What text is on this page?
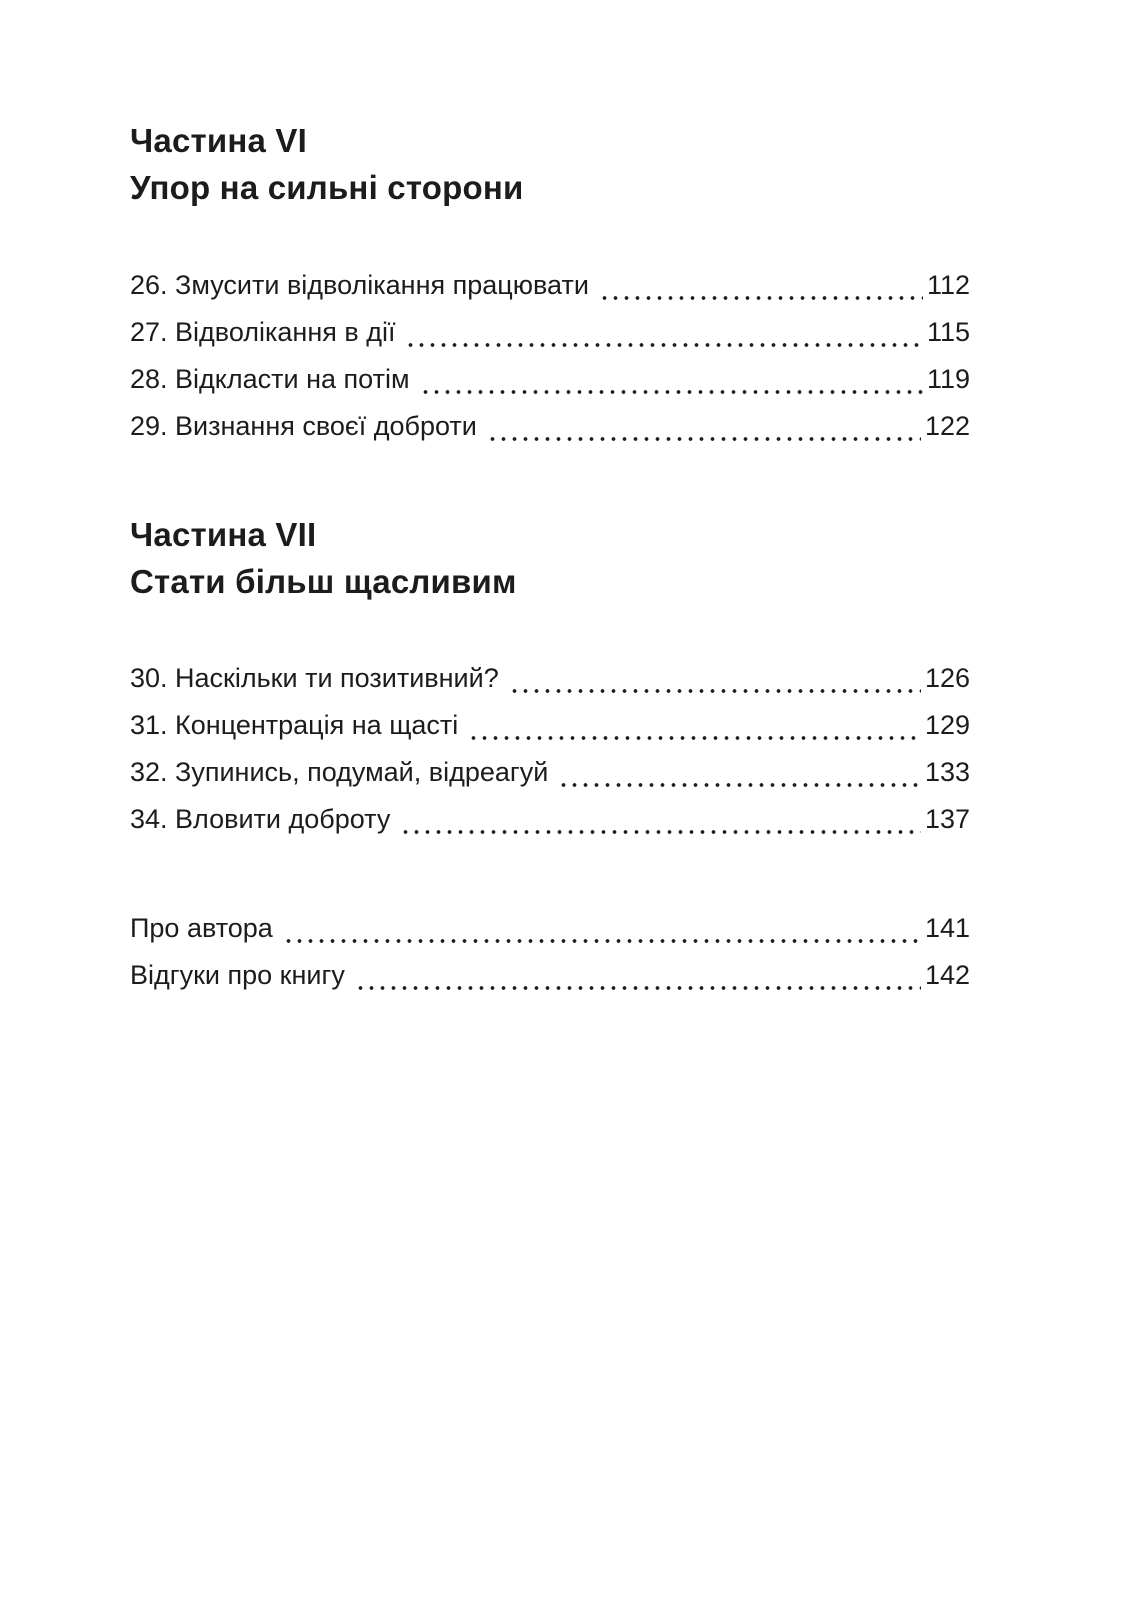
Частина VI
Упор на сильні сторони
26. Змусити відволікання працювати	112
27. Відволікання в дії	115
28. Відкласти на потім	119
29. Визнання своєї доброти	122
Частина VII
Стати більш щасливим
30. Наскільки ти позитивний?	126
31. Концентрація на щасті	129
32. Зупинись, подумай, відреагуй	133
34. Вловити доброту	137
Про автора	141
Відгуки про книгу	142
